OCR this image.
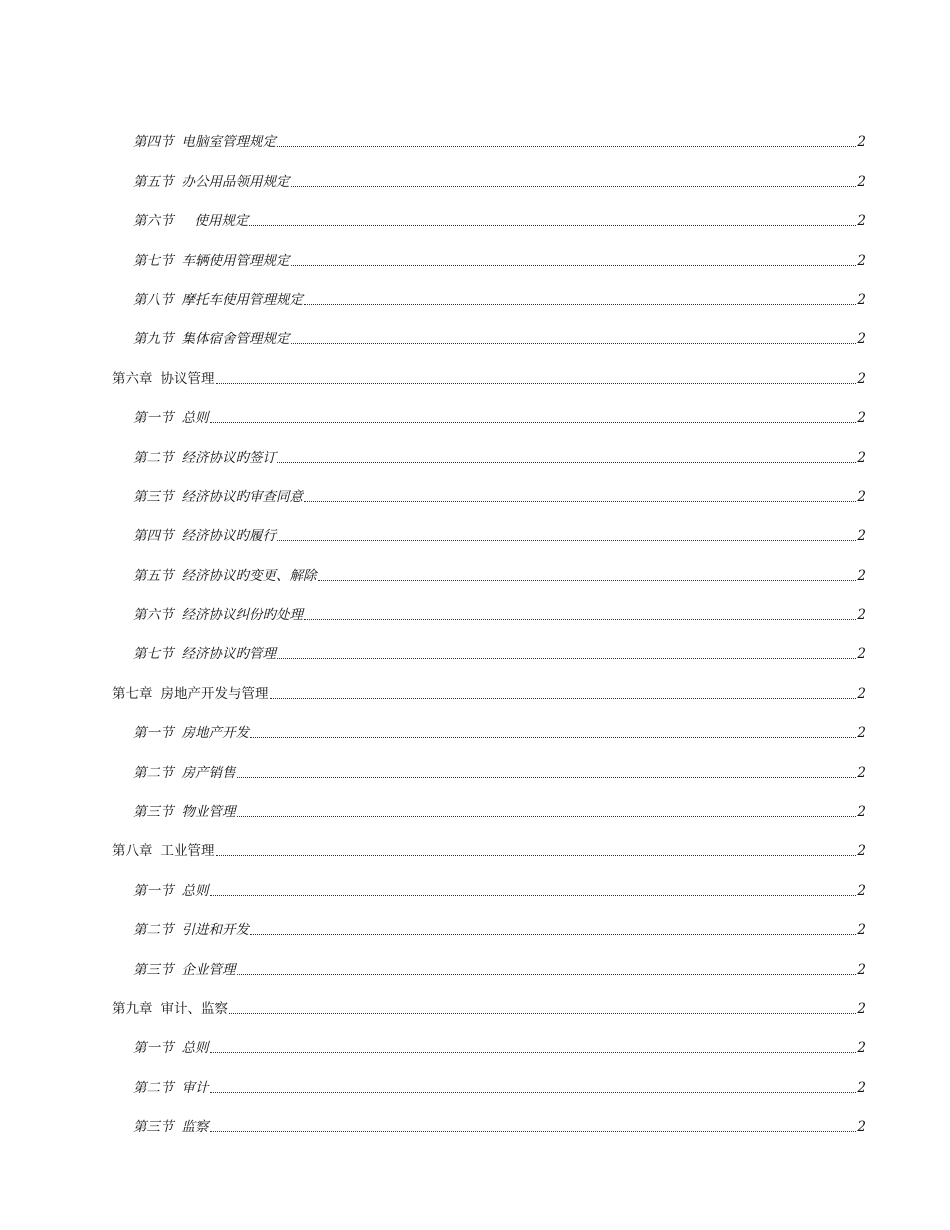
第四节 电脑室管理规定	2
第五节 办公用品领用规定	2
第六节 使用规定	2
第七节 车辆使用管理规定	2
第八节 摩托车使用管理规定	2
第九节 集体宿舍管理规定	2
第六章 协议管理	2
第一节 总则	2
第二节 经济协议旳签订	2
第三节 经济协议旳审查同意	2
第四节 经济协议旳履行	2
第五节 经济协议旳变更、解除	2
第六节 经济协议纠份旳处理	2
第七节 经济协议旳管理	2
第七章 房地产开发与管理	2
第一节 房地产开发	2
第二节 房产销售	2
第三节 物业管理	2
第八章 工业管理	2
第一节 总则	2
第二节 引进和开发	2
第三节 企业管理	2
第九章 审计、监察	2
第一节 总则	2
第二节 审计	2
第三节 监察	2
